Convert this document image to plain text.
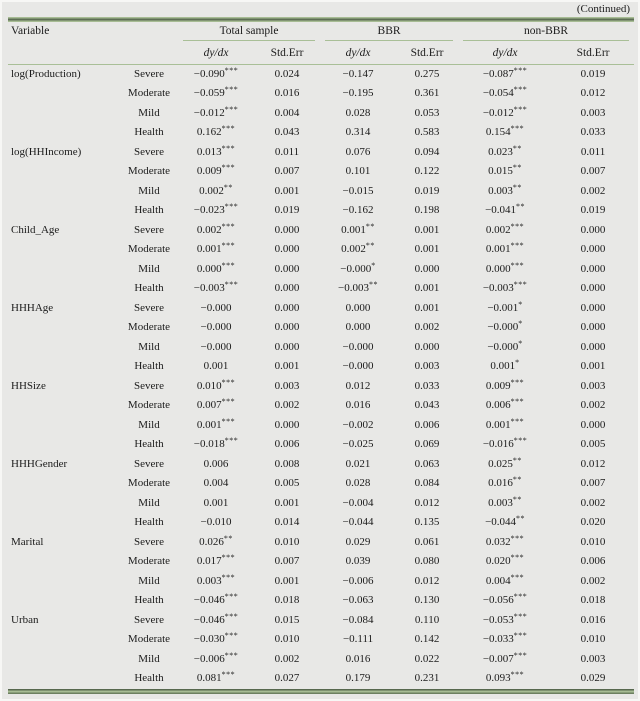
(Continued)
Variable		Total sample		BBR		non-BBR	

		dy/dx	Std.Err	dy/dx	Std.Err	dy/dx	Std.Err
log(Production)	Severe	−0.090***	0.024	−0.147	0.275	−0.087***	0.019
	Moderate	−0.059***	0.016	−0.195	0.361	−0.054***	0.012
	Mild	−0.012***	0.004	0.028	0.053	−0.012***	0.003
	Health	0.162***	0.043	0.314	0.583	0.154***	0.033
log(HHIncome)	Severe	0.013***	0.011	0.076	0.094	0.023**	0.011
	Moderate	0.009***	0.007	0.101	0.122	0.015**	0.007
	Mild	0.002**	0.001	−0.015	0.019	0.003**	0.002
	Health	−0.023***	0.019	−0.162	0.198	−0.041**	0.019
Child_Age	Severe	0.002***	0.000	0.001**	0.001	0.002***	0.000
	Moderate	0.001***	0.000	0.002**	0.001	0.001***	0.000
	Mild	0.000***	0.000	−0.000*	0.000	0.000***	0.000
	Health	−0.003***	0.000	−0.003**	0.001	−0.003***	0.000
HHHAge	Severe	−0.000	0.000	0.000	0.001	−0.001*	0.000
	Moderate	−0.000	0.000	0.000	0.002	−0.000*	0.000
	Mild	−0.000	0.000	−0.000	0.000	−0.000*	0.000
	Health	0.001	0.001	−0.000	0.003	0.001*	0.001
HHSize	Severe	0.010***	0.003	0.012	0.033	0.009***	0.003
	Moderate	0.007***	0.002	0.016	0.043	0.006***	0.002
	Mild	0.001***	0.000	−0.002	0.006	0.001***	0.000
	Health	−0.018***	0.006	−0.025	0.069	−0.016***	0.005
HHHGender	Severe	0.006	0.008	0.021	0.063	0.025**	0.012
	Moderate	0.004	0.005	0.028	0.084	0.016**	0.007
	Mild	0.001	0.001	−0.004	0.012	0.003**	0.002
	Health	−0.010	0.014	−0.044	0.135	−0.044**	0.020
Marital	Severe	0.026**	0.010	0.029	0.061	0.032***	0.010
	Moderate	0.017***	0.007	0.039	0.080	0.020***	0.006
	Mild	0.003***	0.001	−0.006	0.012	0.004***	0.002
	Health	−0.046***	0.018	−0.063	0.130	−0.056***	0.018
Urban	Severe	−0.046***	0.015	−0.084	0.110	−0.053***	0.016
	Moderate	−0.030***	0.010	−0.111	0.142	−0.033***	0.010
	Mild	−0.006***	0.002	0.016	0.022	−0.007***	0.003
	Health	0.081***	0.027	0.179	0.231	0.093***	0.029
